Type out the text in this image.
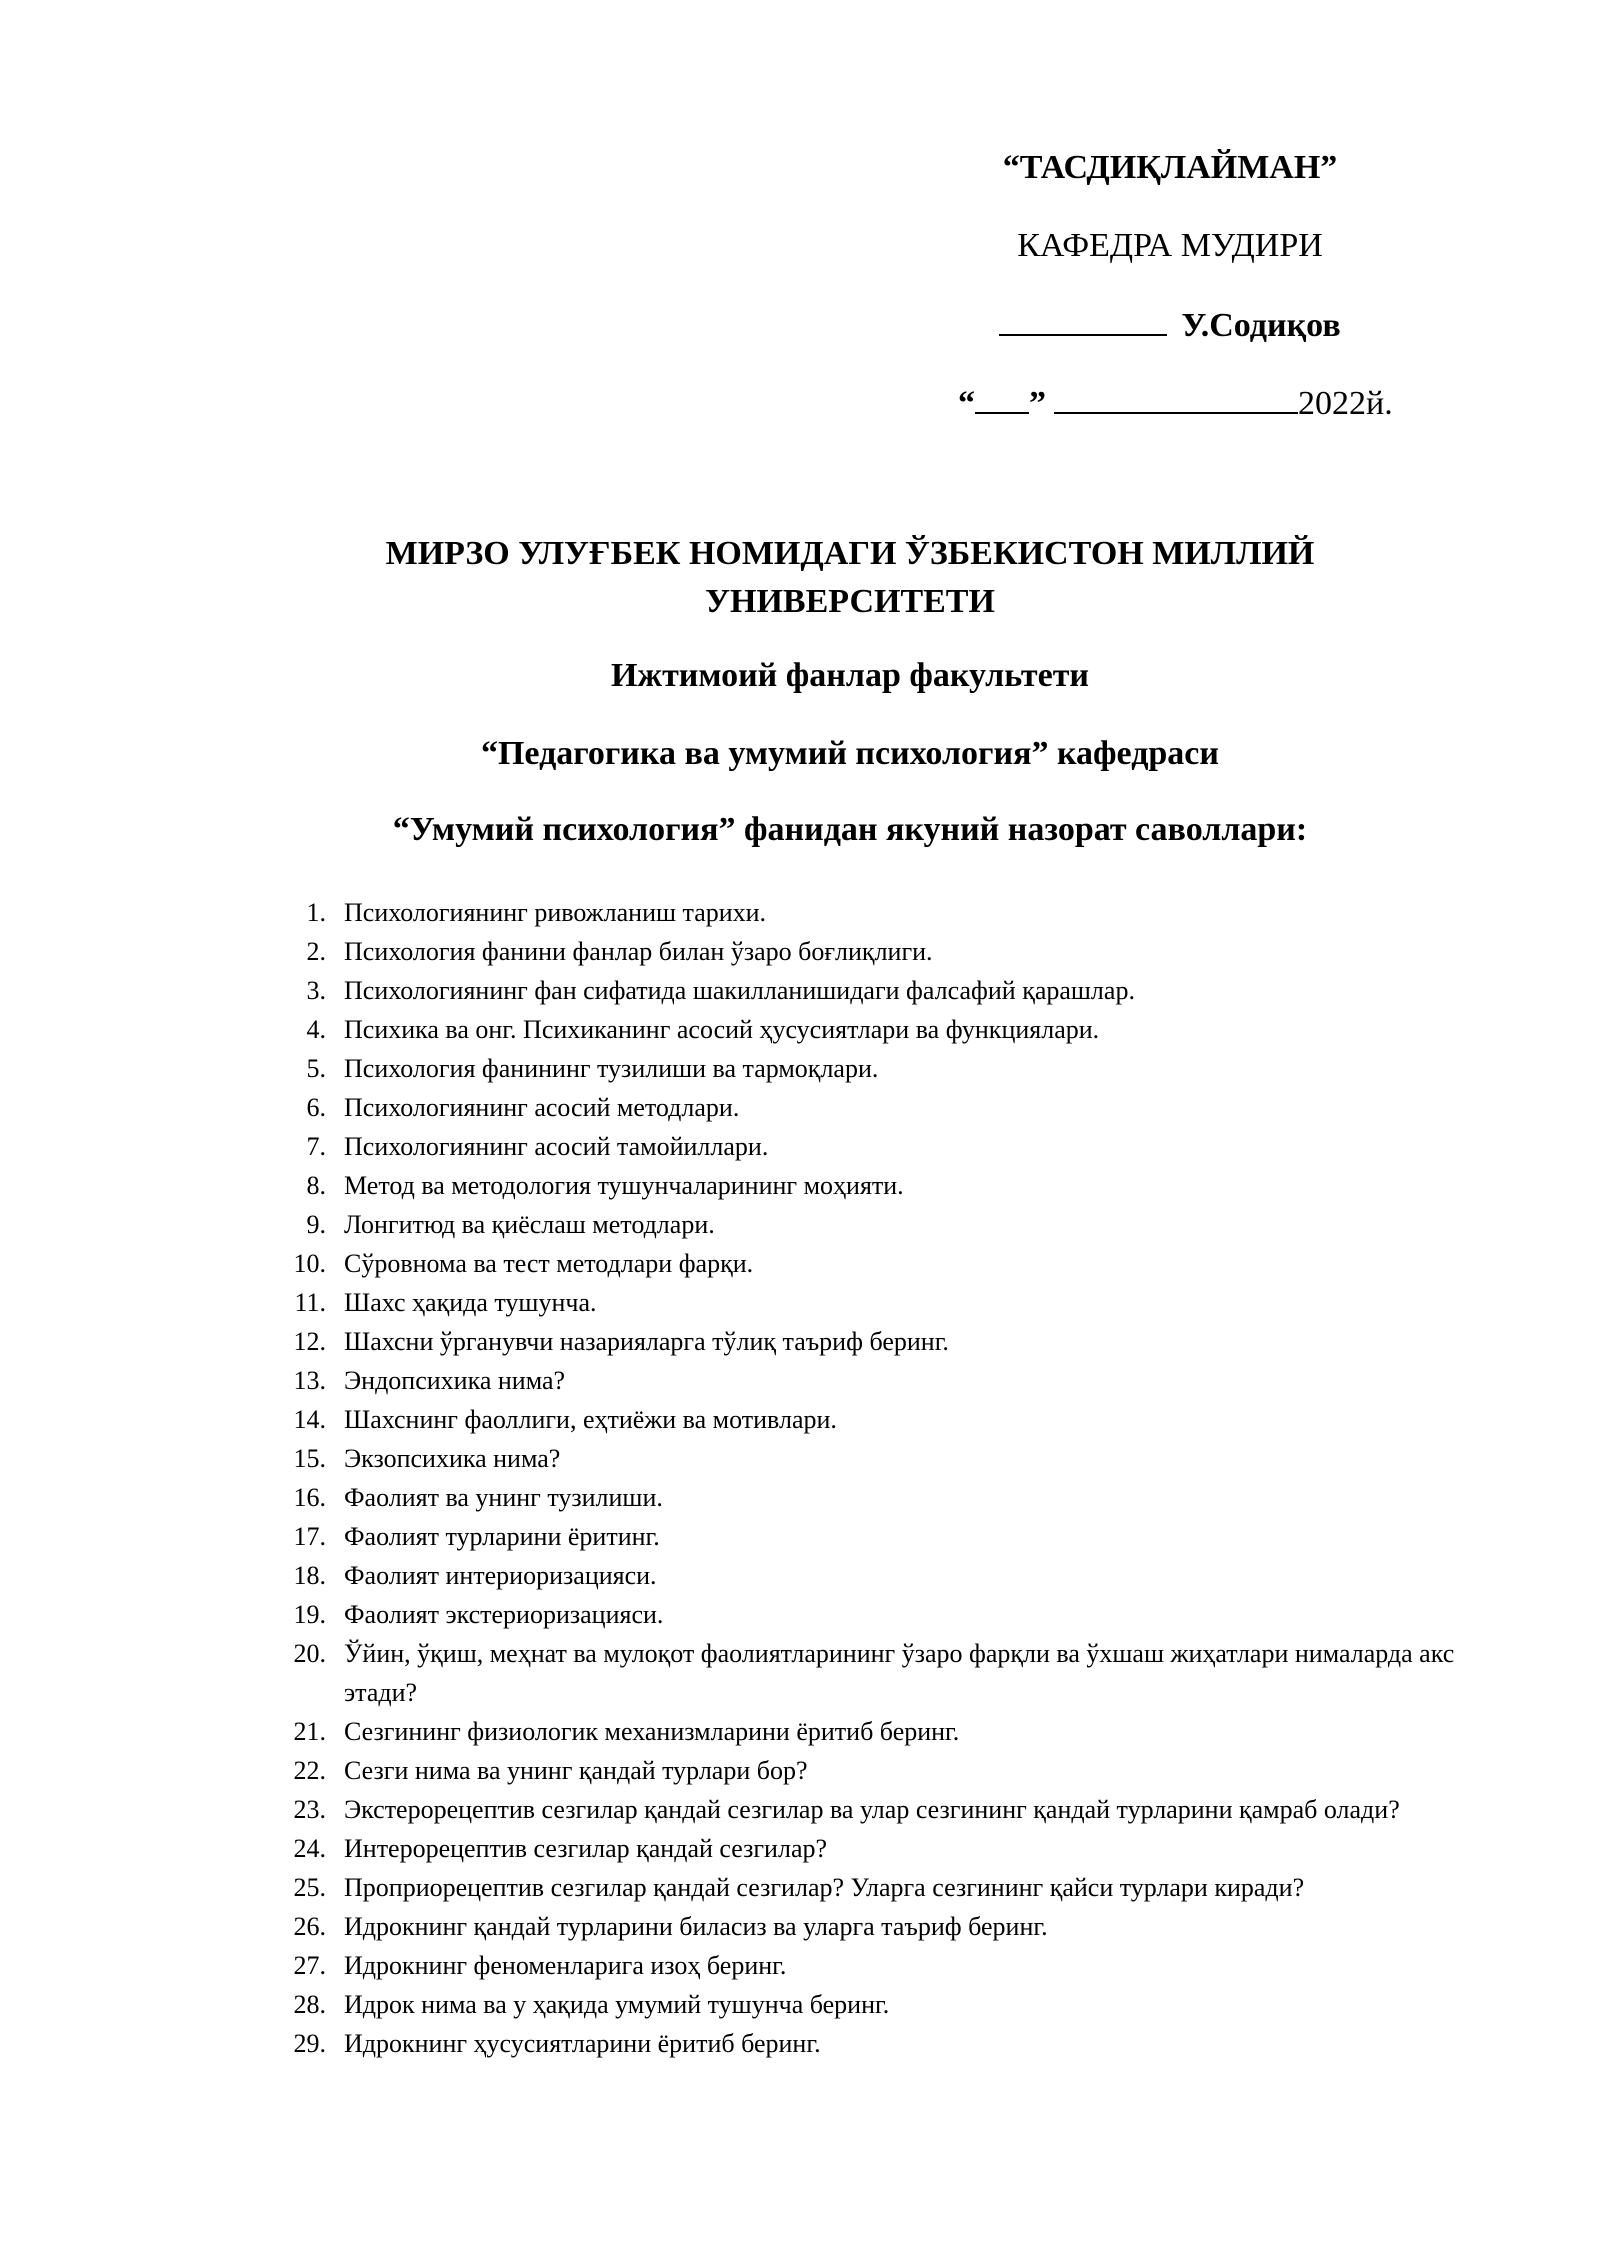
“ТАСДИҚЛАЙМАН”
КАФЕДРА МУДИРИ
У.Содиқов
“ ”	2022й.
МИРЗО УЛУҒБЕК НОМИДАГИ ЎЗБЕКИСТОН МИЛЛИЙ УНИВЕРСИТЕТИ
Ижтимоий фанлар факультети
“Педагогика ва умумий психология” кафедраси
“Умумий психология” фанидан якуний назорат саволлари:
1. Психологиянинг ривожланиш тарихи.
2. Психология фанини фанлар билан ўзаро боғлиқлиги.
3. Психологиянинг фан сифатида шакилланишидаги фалсафий қарашлар.
4. Психика ва онг. Психиканинг асосий ҳусусиятлари ва функциялари.
5. Психология фанининг тузилиши ва тармоқлари.
6. Психологиянинг асосий методлари.
7. Психологиянинг асосий тамойиллари.
8. Метод ва методология тушунчаларининг моҳияти.
9. Лонгитюд ва қиёслаш методлари.
10. Сўровнома ва тест методлари фарқи.
11. Шахс ҳақида тушунча.
12. Шахсни ўрганувчи назарияларга тўлиқ таъриф беринг.
13. Эндопсихика нима?
14. Шахснинг фаоллиги, еҳтиёжи ва мотивлари.
15. Экзопсихика нима?
16. Фаолият ва унинг тузилиши.
17. Фаолият турларини ёритинг.
18. Фаолият интериоризацияси.
19. Фаолият экстериоризацияси.
20. Ўйин, ўқиш, меҳнат ва мулоқот фаолиятларининг ўзаро фарқли ва ўхшаш жиҳатлари нималарда акс этади?
21. Сезгининг физиологик механизмларини ёритиб беринг.
22. Сезги нима ва унинг қандай турлари бор?
23. Экстерорецептив сезгилар қандай сезгилар ва улар сезгининг қандай турларини қамраб олади?
24. Интерорецептив сезгилар қандай сезгилар?
25. Проприорецептив сезгилар қандай сезгилар? Уларга сезгининг қайси турлари киради?
26. Идрокнинг қандай турларини биласиз ва уларга таъриф беринг.
27. Идрокнинг феноменларига изоҳ беринг.
28. Идрок нима ва у ҳақида умумий тушунча беринг.
29. Идрокнинг ҳусусиятларини ёритиб беринг.
